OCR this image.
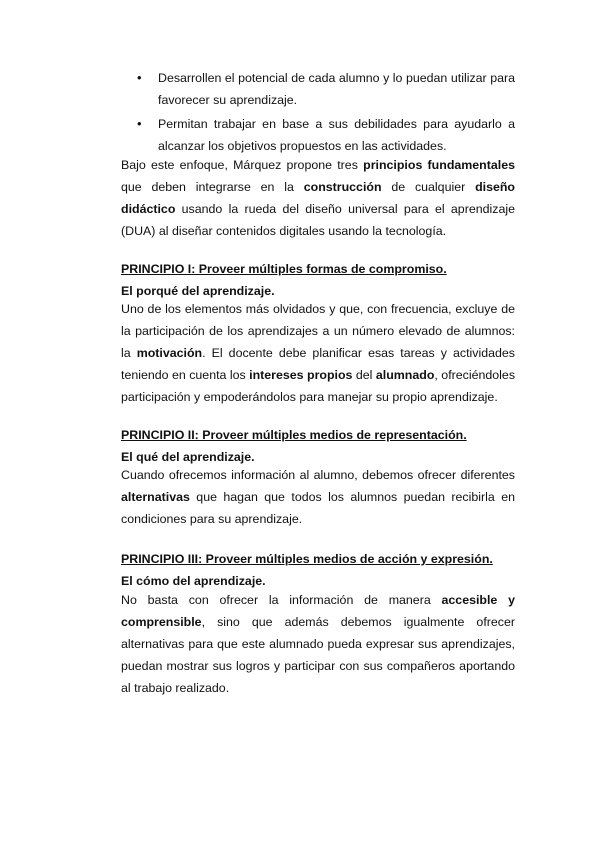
• Desarrollen el potencial de cada alumno y lo puedan utilizar para favorecer su aprendizaje.
• Permitan trabajar en base a sus debilidades para ayudarlo a alcanzar los objetivos propuestos en las actividades.

Bajo este enfoque, Márquez propone tres principios fundamentales que deben integrarse en la construcción de cualquier diseño didáctico usando la rueda del diseño universal para el aprendizaje (DUA) al diseñar contenidos digitales usando la tecnología.

PRINCIPIO I: Proveer múltiples formas de compromiso.
El porqué del aprendizaje.

Uno de los elementos más olvidados y que, con frecuencia, excluye de la participación de los aprendizajes a un número elevado de alumnos: la motivación. El docente debe planificar esas tareas y actividades teniendo en cuenta los intereses propios del alumnado, ofreciéndoles participación y empoderándolos para manejar su propio aprendizaje.

PRINCIPIO II: Proveer múltiples medios de representación.
El qué del aprendizaje.

Cuando ofrecemos información al alumno, debemos ofrecer diferentes alternativas que hagan que todos los alumnos puedan recibirla en condiciones para su aprendizaje.

PRINCIPIO III: Proveer múltiples medios de acción y expresión.
El cómo del aprendizaje.

No basta con ofrecer la información de manera accesible y comprensible, sino que además debemos igualmente ofrecer alternativas para que este alumnado pueda expresar sus aprendizajes, puedan mostrar sus logros y participar con sus compañeros aportando al trabajo realizado.
